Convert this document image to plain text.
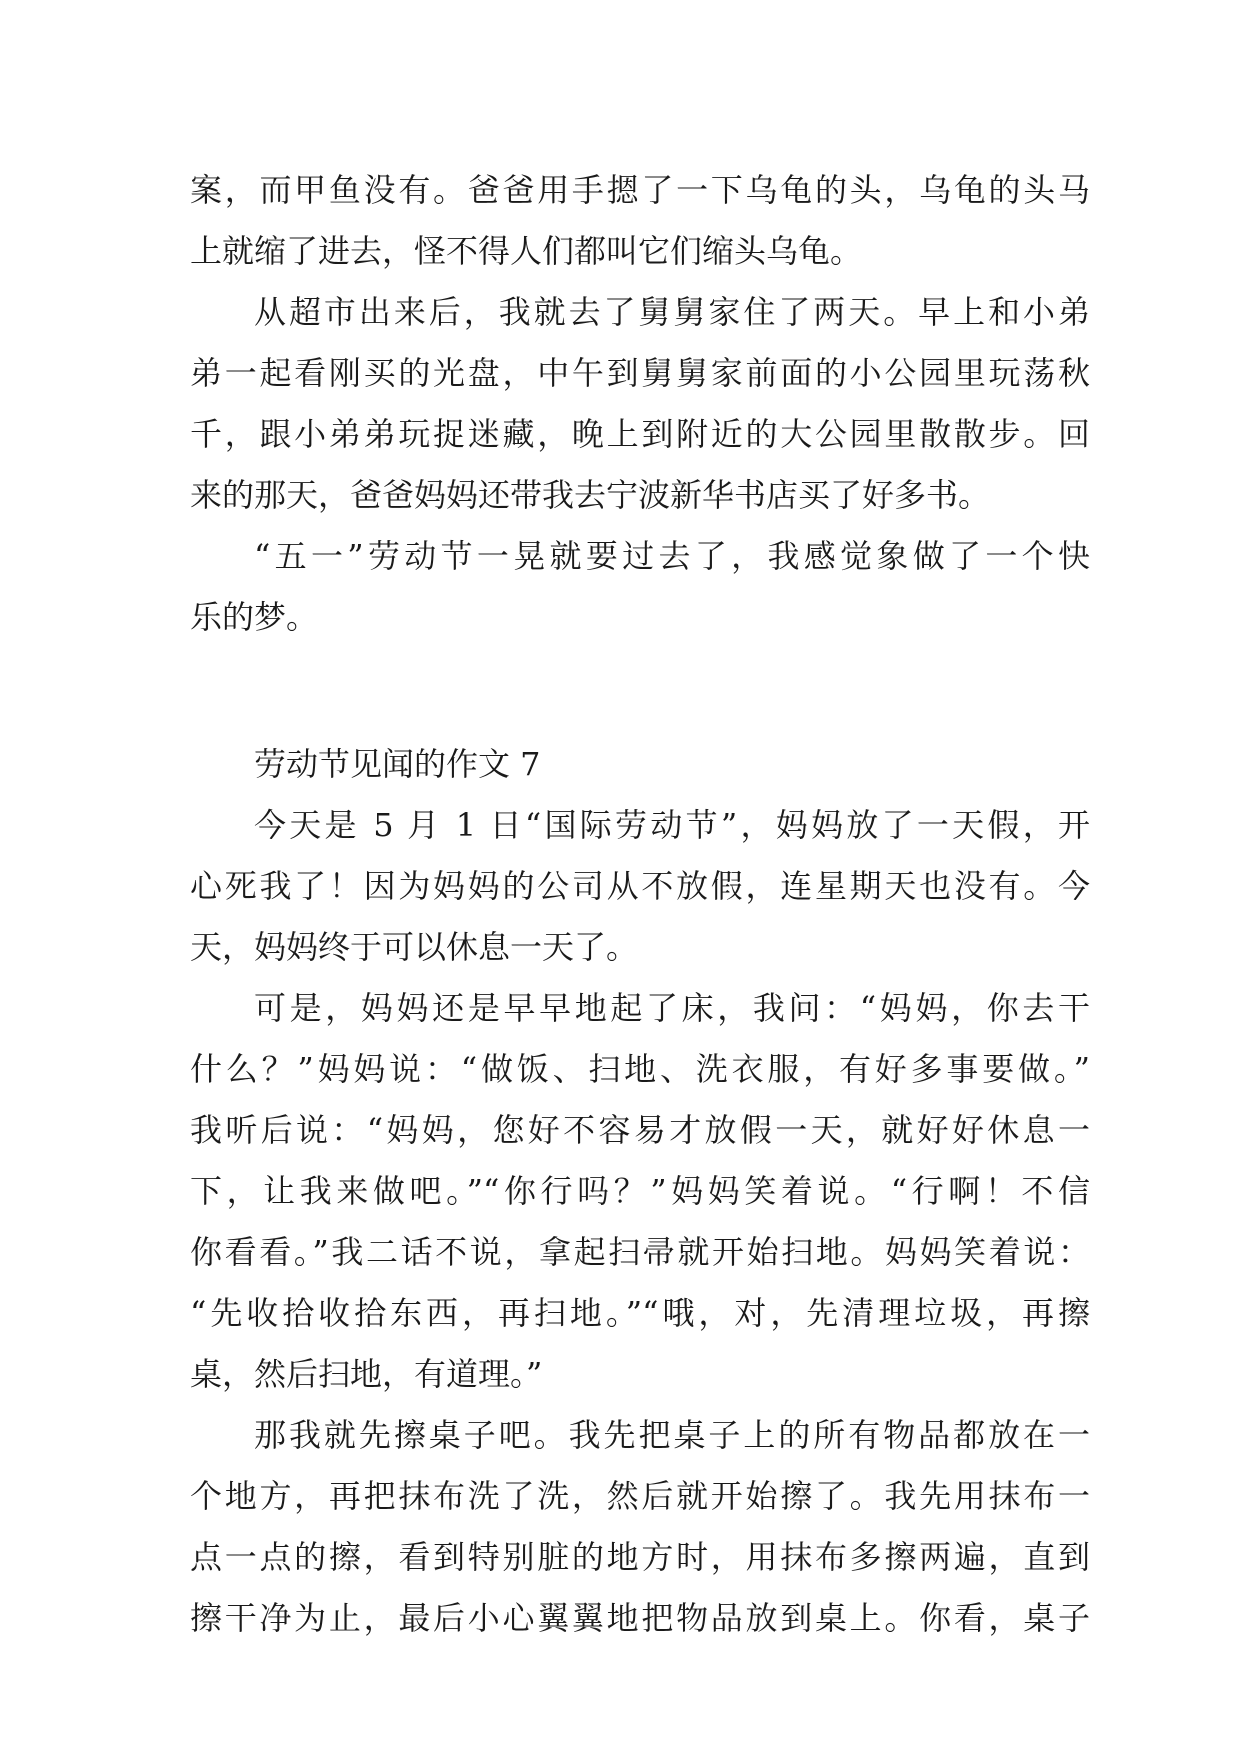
案，而甲鱼没有。爸爸用手摁了一下乌龟的头，乌龟的头马
上就缩了进去，怪不得人们都叫它们缩头乌龟。
从超市出来后，我就去了舅舅家住了两天。早上和小弟
弟一起看刚买的光盘，中午到舅舅家前面的小公园里玩荡秋
千，跟小弟弟玩捉迷藏，晚上到附近的大公园里散散步。回
来的那天，爸爸妈妈还带我去宁波新华书店买了好多书。
“五一”劳动节一晃就要过去了，我感觉象做了一个快
乐的梦。
劳动节见闻的作文 7
今天是 5 月 1 日“国际劳动节”，妈妈放了一天假，开
心死我了！因为妈妈的公司从不放假，连星期天也没有。今
天，妈妈终于可以休息一天了。
可是，妈妈还是早早地起了床，我问：“妈妈，你去干
什么？”妈妈说：“做饭、扫地、洗衣服，有好多事要做。”
我听后说：“妈妈，您好不容易才放假一天，就好好休息一
下，让我来做吧。”“你行吗？”妈妈笑着说。“行啊！不信
你看看。”我二话不说，拿起扫帚就开始扫地。妈妈笑着说：
“先收拾收拾东西，再扫地。”“哦，对，先清理垃圾，再擦
桌，然后扫地，有道理。”
那我就先擦桌子吧。我先把桌子上的所有物品都放在一
个地方，再把抹布洗了洗，然后就开始擦了。我先用抹布一
点一点的擦，看到特别脏的地方时，用抹布多擦两遍，直到
擦干净为止，最后小心翼翼地把物品放到桌上。你看，桌子
